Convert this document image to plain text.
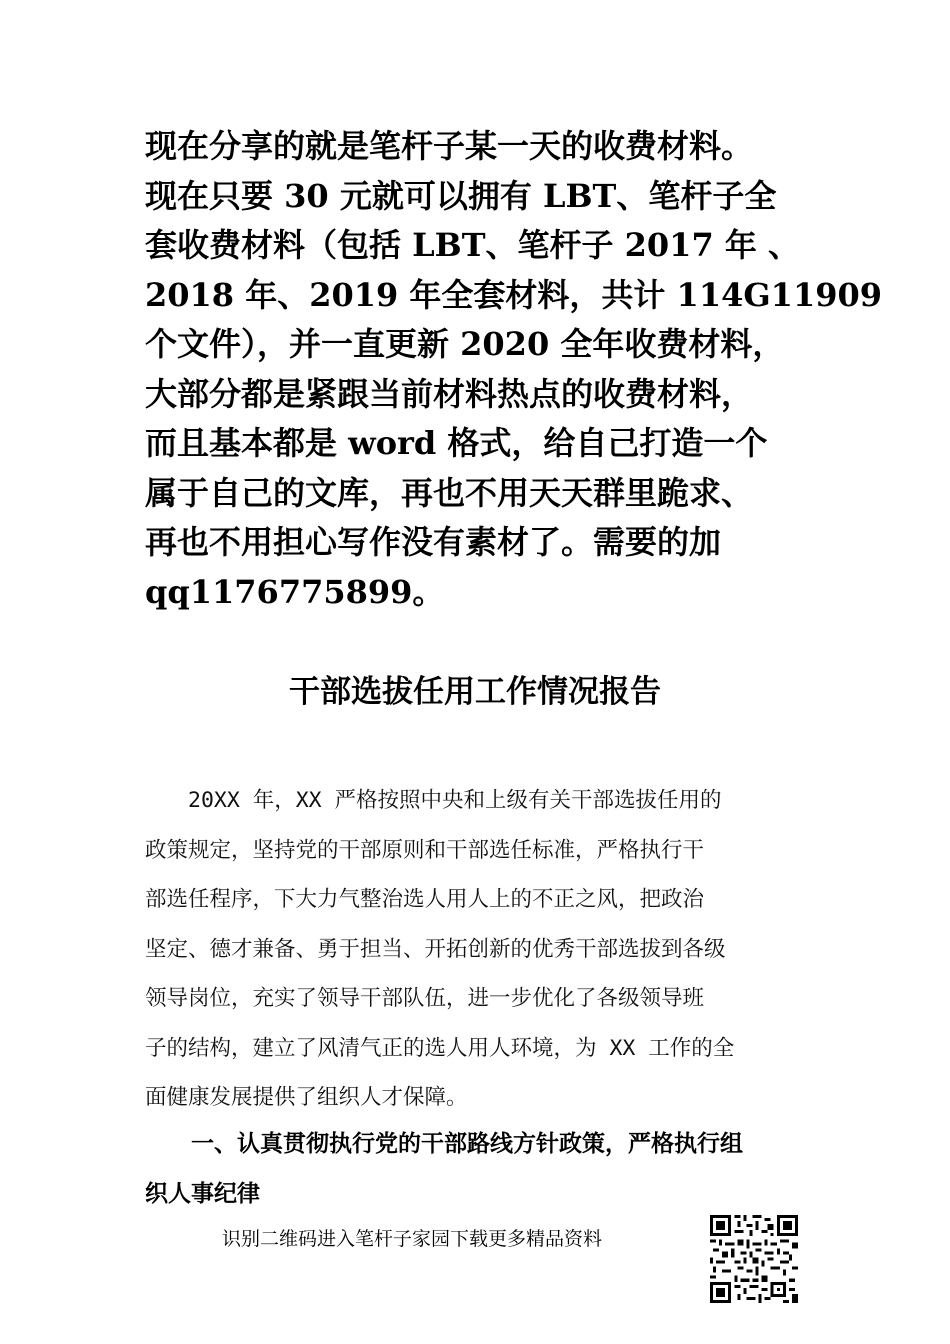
现在分享的就是笔杆子某一天的收费材料。
现在只要 30 元就可以拥有 LBT、笔杆子全
套收费材料（包括 LBT、笔杆子 2017 年 、
2018 年、2019 年全套材料，共计 114G11909
个文件），并一直更新 2020 全年收费材料，
大部分都是紧跟当前材料热点的收费材料，
而且基本都是 word 格式，给自己打造一个
属于自己的文库，再也不用天天群里跪求、
再也不用担心写作没有素材了。需要的加
qq1176775899。
干部选拔任用工作情况报告
　　20XX 年，XX 严格按照中央和上级有关干部选拔任用的
政策规定，坚持党的干部原则和干部选任标准，严格执行干
部选任程序，下大力气整治选人用人上的不正之风，把政治
坚定、德才兼备、勇于担当、开拓创新的优秀干部选拔到各级
领导岗位，充实了领导干部队伍，进一步优化了各级领导班
子的结构，建立了风清气正的选人用人环境，为 XX 工作的全
面健康发展提供了组织人才保障。
　　一、认真贯彻执行党的干部路线方针政策，严格执行组
织人事纪律
识别二维码进入笔杆子家园下载更多精品资料
